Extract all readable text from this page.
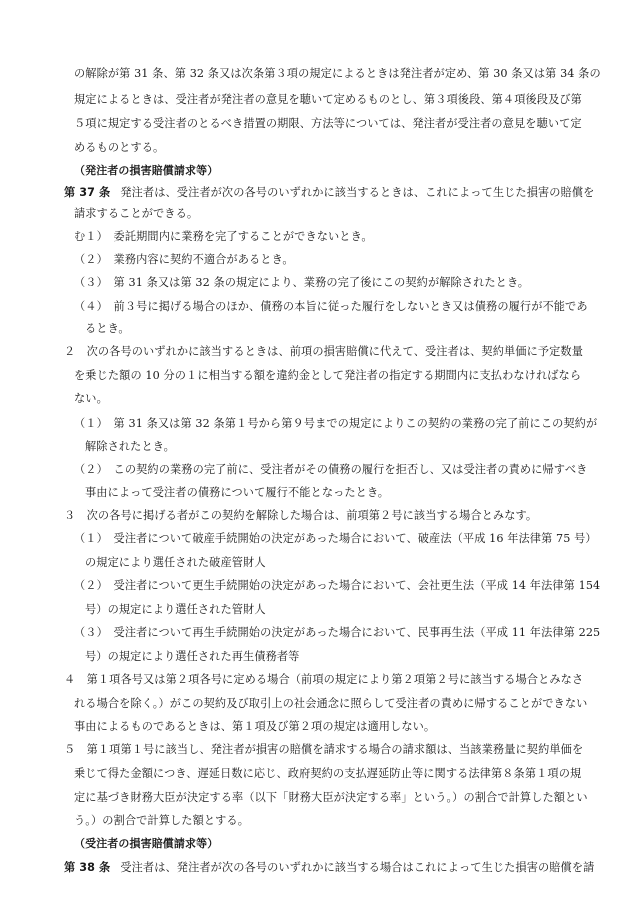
の解除が第 31 条、第 32 条又は次条第３項の規定によるときは発注者が定め、第 30 条又は第 34 条の
規定によるときは、受注者が発注者の意見を聴いて定めるものとし、第３項後段、第４項後段及び第
５項に規定する受注者のとるべき措置の期限、方法等については、発注者が受注者の意見を聴いて定
めるものとする。
（発注者の損害賠償請求等）
第 37 条 発注者は、受注者が次の各号のいずれかに該当するときは、これによって生じた損害の賠償を
請求することができる。
む１）　委託期間内に業務を完了することができないとき。
（２）　業務内容に契約不適合があるとき。
（３）　第 31 条又は第 32 条の規定により、業務の完了後にこの契約が解除されたとき。
（４）　前３号に掲げる場合のほか、債務の本旨に従った履行をしないとき又は債務の履行が不能であ
るとき。
２　次の各号のいずれかに該当するときは、前項の損害賠償に代えて、受注者は、契約単価に予定数量
を乗じた額の 10 分の１に相当する額を違約金として発注者の指定する期間内に支払わなければなら
ない。
（１）　第 31 条又は第 32 条第１号から第９号までの規定によりこの契約の業務の完了前にこの契約が
解除されたとき。
（２）　この契約の業務の完了前に、受注者がその債務の履行を拒否し、又は受注者の責めに帰すべき
事由によって受注者の債務について履行不能となったとき。
３　次の各号に掲げる者がこの契約を解除した場合は、前項第２号に該当する場合とみなす。
（１）　受注者について破産手続開始の決定があった場合において、破産法（平成 16 年法律第 75 号）
の規定により選任された破産管財人
（２）　受注者について更生手続開始の決定があった場合において、会社更生法（平成 14 年法律第 154
号）の規定により選任された管財人
（３）　受注者について再生手続開始の決定があった場合において、民事再生法（平成 11 年法律第 225
号）の規定により選任された再生債務者等
４　第１項各号又は第２項各号に定める場合（前項の規定により第２項第２号に該当する場合とみなさ
れる場合を除く。）がこの契約及び取引上の社会通念に照らして受注者の責めに帰することができない
事由によるものであるときは、第１項及び第２項の規定は適用しない。
５　第１項第１号に該当し、発注者が損害の賠償を請求する場合の請求額は、当該業務量に契約単価を
乗じて得た金額につき、遅延日数に応じ、政府契約の支払遅延防止等に関する法律第８条第１項の規
定に基づき財務大臣が決定する率（以下「財務大臣が決定する率」という。）の割合で計算した額とい
う。）の割合で計算した額とする。
（受注者の損害賠償請求等）
第 38 条 受注者は、発注者が次の各号のいずれかに該当する場合はこれによって生じた損害の賠償を請
